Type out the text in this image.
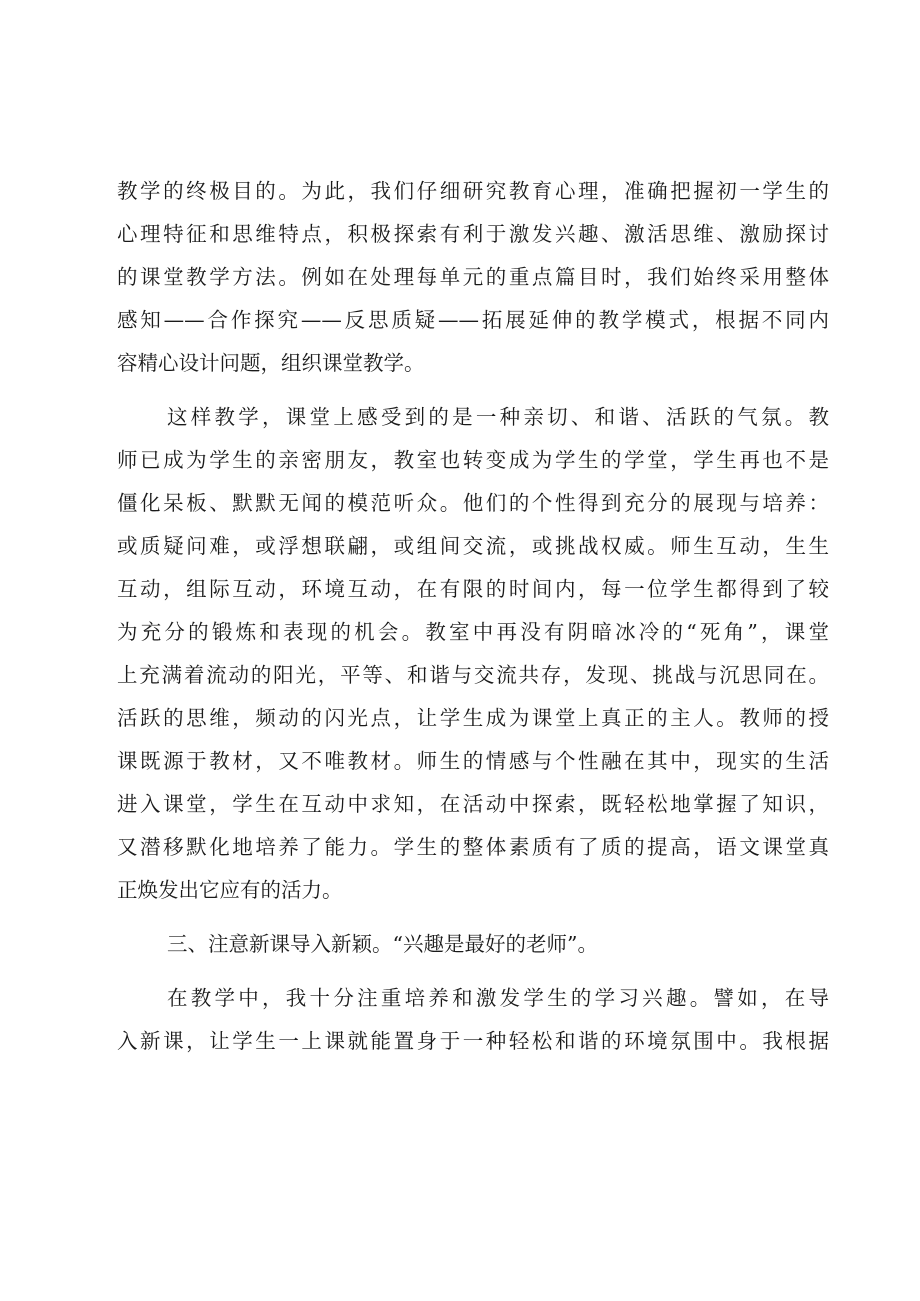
教学的终极目的。为此，我们仔细研究教育心理，准确把握初一学生的
心理特征和思维特点，积极探索有利于激发兴趣、激活思维、激励探讨
的课堂教学方法。例如在处理每单元的重点篇目时，我们始终采用整体
感知——合作探究——反思质疑——拓展延伸的教学模式，根据不同内
容精心设计问题，组织课堂教学。
这样教学，课堂上感受到的是一种亲切、和谐、活跃的气氛。教
师已成为学生的亲密朋友，教室也转变成为学生的学堂，学生再也不是
僵化呆板、默默无闻的模范听众。他们的个性得到充分的展现与培养：
或质疑问难，或浮想联翩，或组间交流，或挑战权威。师生互动，生生
互动，组际互动，环境互动，在有限的时间内，每一位学生都得到了较
为充分的锻炼和表现的机会。教室中再没有阴暗冰冷的“死角”，课堂
上充满着流动的阳光，平等、和谐与交流共存，发现、挑战与沉思同在。
活跃的思维，频动的闪光点，让学生成为课堂上真正的主人。教师的授
课既源于教材，又不唯教材。师生的情感与个性融在其中，现实的生活
进入课堂，学生在互动中求知，在活动中探索，既轻松地掌握了知识，
又潜移默化地培养了能力。学生的整体素质有了质的提高，语文课堂真
正焕发出它应有的活力。
三、注意新课导入新颖。“兴趣是最好的老师”。
在教学中，我十分注重培养和激发学生的学习兴趣。譬如，在导
入新课，让学生一上课就能置身于一种轻松和谐的环境氛围中。我根据
